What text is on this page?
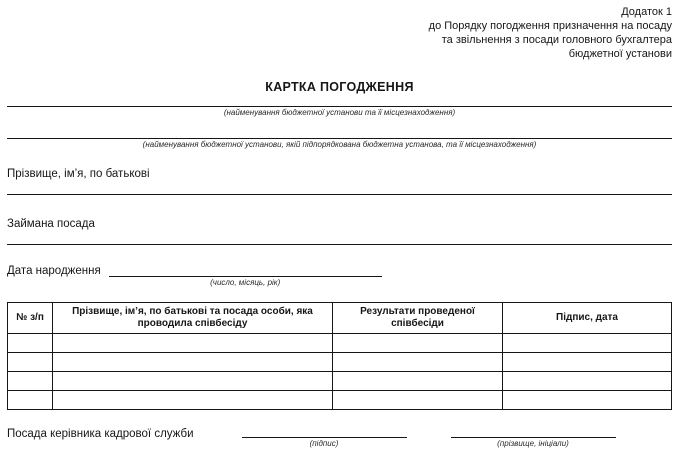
Додаток 1
до Порядку погодження призначення на посаду
та звільнення з посади головного бухгалтера
бюджетної установи
КАРТКА ПОГОДЖЕННЯ
(найменування бюджетної установи та її місцезнаходження)
(найменування бюджетної установи, якій підпорядкована бюджетна установа, та її місцезнаходження)
Прізвище, ім’я, по батькові
Займана посада
Дата народження
(число, місяць, рік)
№ з/п	Прізвище, ім’я, по батькові та посада особи, яка проводила співбесіду	Результати проведеної співбесіди	Підпис, дата

Посада керівника кадрової служби
(підпис)	(прізвище, ініціали)
